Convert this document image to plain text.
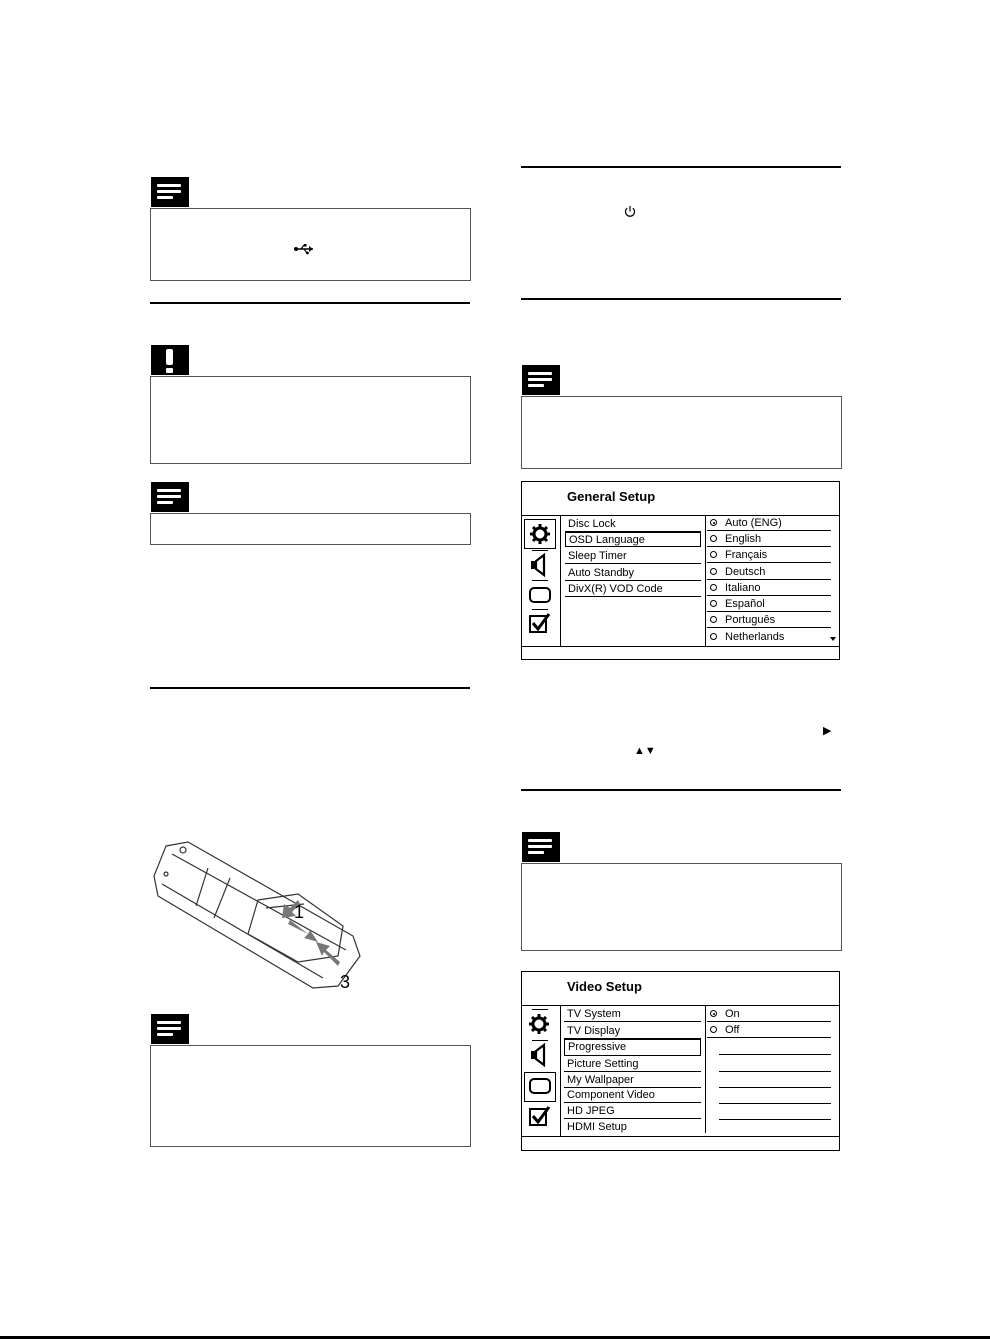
1
3
General Setup
Disc Lock
OSD Language
Sleep Timer
Auto Standby
DivX(R) VOD Code
Auto (ENG)
English
Français
Deutsch
Italiano
Español
Português
Netherlands
▶
▲▼
Video Setup
TV System
TV Display
Progressive
Picture Setting
My Wallpaper
Component Video
HD JPEG
HDMI Setup
On
Off
